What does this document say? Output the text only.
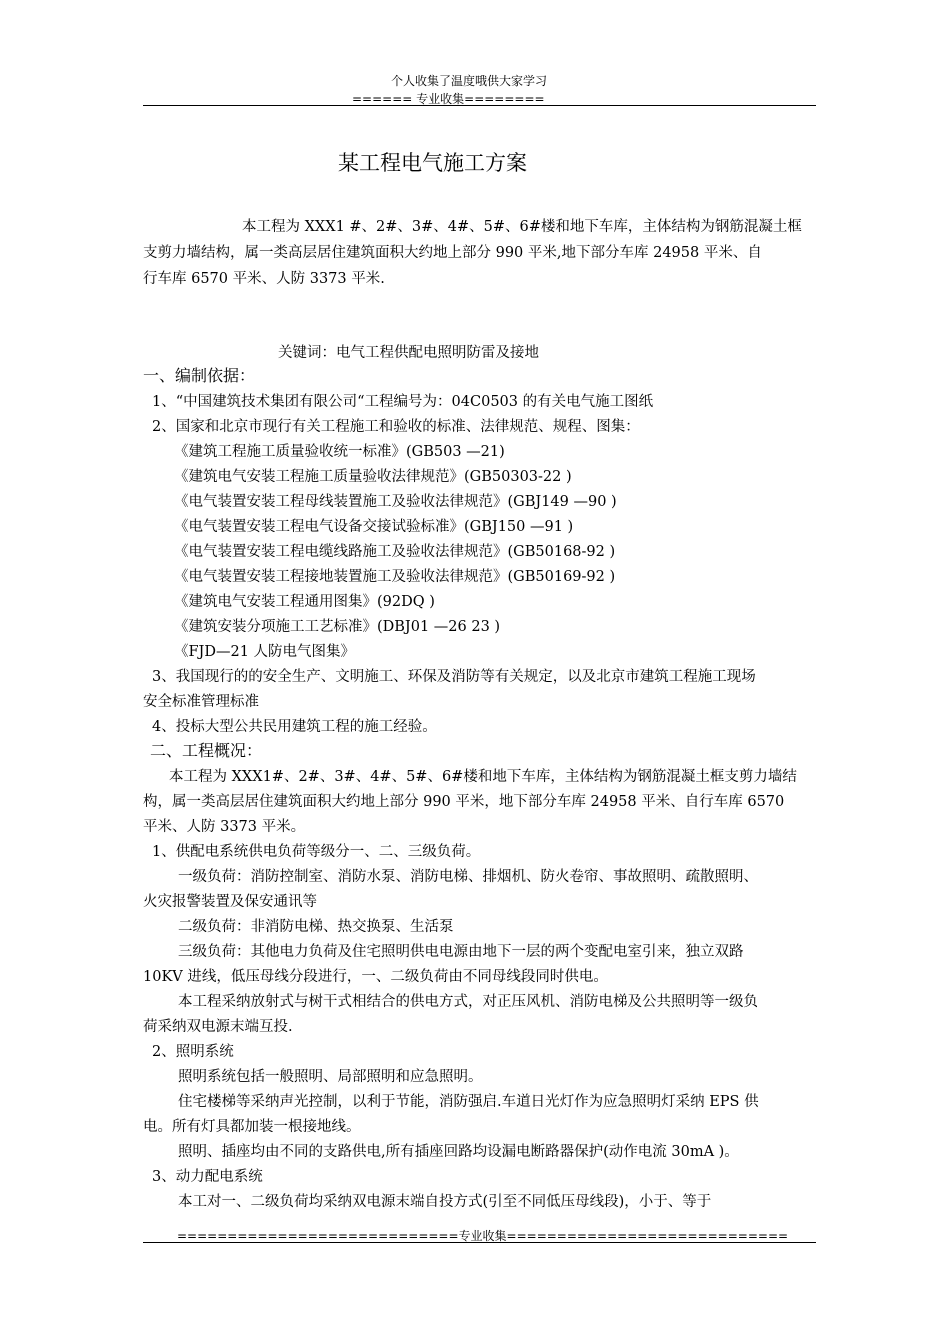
个人收集了温度哦供大家学习
====== 专业收集========
某工程电气施工方案
本工程为 XXX1 #、2#、3#、4#、5#、6#楼和地下车库，主体结构为钢筋混凝土框
支剪力墙结构，属一类高层居住建筑面积大约地上部分 990 平米,地下部分车库 24958 平米、自
行车库 6570 平米、人防 3373 平米.
关键词：电气工程供配电照明防雷及接地
一、编制依据：
1、“中国建筑技术集团有限公司“工程编号为：04C0503 的有关电气施工图纸
2、国家和北京市现行有关工程施工和验收的标准、法律规范、规程、图集：
《建筑工程施工质量验收统一标准》(GB503 —21)
《建筑电气安装工程施工质量验收法律规范》(GB50303-22 )
《电气装置安装工程母线装置施工及验收法律规范》(GBJ149 —90 )
《电气装置安装工程电气设备交接试验标准》(GBJ150 —91 )
《电气装置安装工程电缆线路施工及验收法律规范》(GB50168-92 )
《电气装置安装工程接地装置施工及验收法律规范》(GB50169-92 )
《建筑电气安装工程通用图集》(92DQ )
《建筑安装分项施工工艺标准》(DBJ01 —26 23 )
《FJD—21 人防电气图集》
3、我国现行的的安全生产、文明施工、环保及消防等有关规定，以及北京市建筑工程施工现场
安全标准管理标准
4、投标大型公共民用建筑工程的施工经验。
二、工程概况：
本工程为 XXX1#、2#、3#、4#、5#、6#楼和地下车库，主体结构为钢筋混凝土框支剪力墙结
构，属一类高层居住建筑面积大约地上部分 990 平米，地下部分车库 24958 平米、自行车库 6570
平米、人防 3373 平米。
1、供配电系统供电负荷等级分一、二、三级负荷。
一级负荷：消防控制室、消防水泵、消防电梯、排烟机、防火卷帘、事故照明、疏散照明、
火灾报警装置及保安通讯等
二级负荷：非消防电梯、热交换泵、生活泵
三级负荷：其他电力负荷及住宅照明供电电源由地下一层的两个变配电室引来，独立双路
10KV 进线，低压母线分段进行，一、二级负荷由不同母线段同时供电。
本工程采纳放射式与树干式相结合的供电方式，对正压风机、消防电梯及公共照明等一级负
荷采纳双电源末端互投.
2、照明系统
照明系统包括一般照明、局部照明和应急照明。
住宅楼梯等采纳声光控制，以利于节能，消防强启.车道日光灯作为应急照明灯采纳 EPS 供
电。所有灯具都加装一根接地线。
照明、插座均由不同的支路供电,所有插座回路均设漏电断路器保护(动作电流 30mA )。
3、动力配电系统
本工对一、二级负荷均采纳双电源末端自投方式(引至不同低压母线段)，小于、等于
============================专业收集============================
